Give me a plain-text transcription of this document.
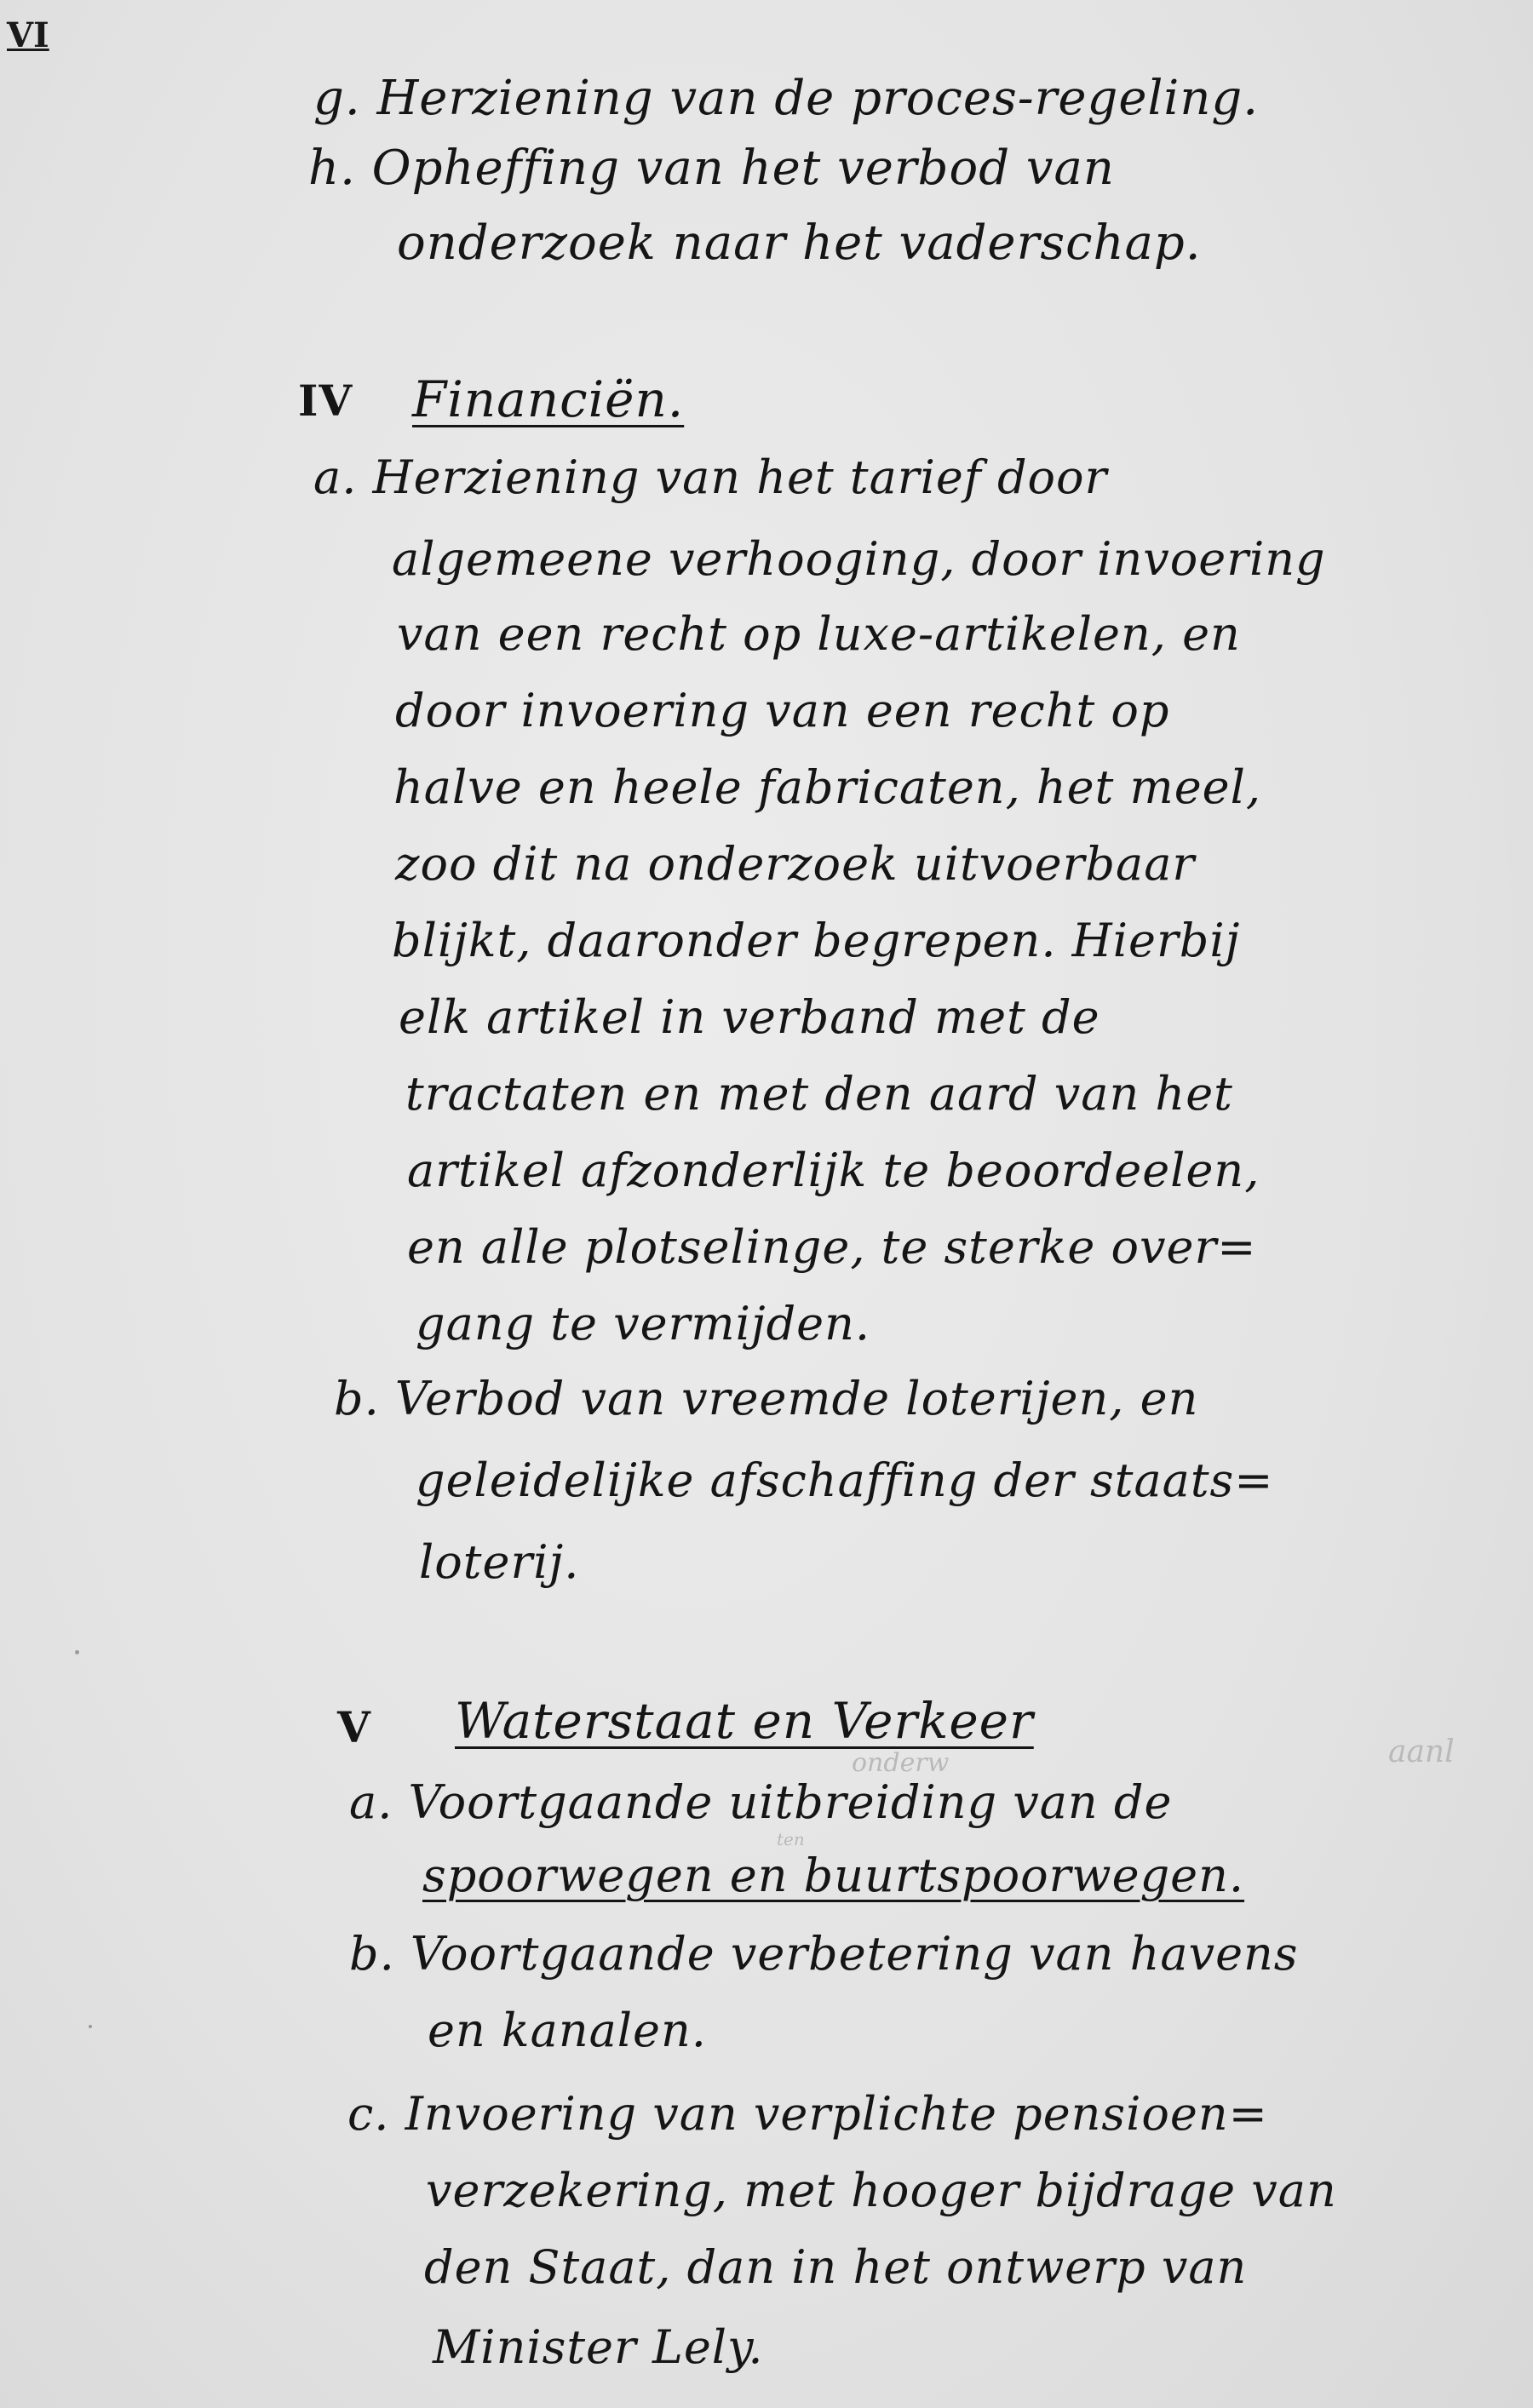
VI

g. Herziening van de proces-regeling.

h. Opheffing van het verbod van

onderzoek naar het vaderschap.

IV Financiën.

a. Herziening van het tarief door

algemeene verhooging, door invoering

van een recht op luxe-artikelen, en

door invoering van een recht op

halve en heele fabricaten, het meel,

zoo dit na onderzoek uitvoerbaar

blijkt, daaronder begrepen. Hierbij

elk artikel in verband met de

tractaten en met den aard van het

artikel afzonderlijk te beoordeelen,

en alle plotselinge, te sterke over=

gang te vermijden.

b. Verbod van vreemde loterijen, en

geleidelijke afschaffing der staats=

loterij.

V Waterstaat en Verkeer

a. Voortgaande uitbreiding van de

spoorwegen en buurtspoorwegen.

b. Voortgaande verbetering van havens

en kanalen.

c. Invoering van verplichte pensioen=

verzekering, met hooger bijdrage van

den Staat, dan in het ontwerp van

Minister Lely.

onderw	aanl
ten
